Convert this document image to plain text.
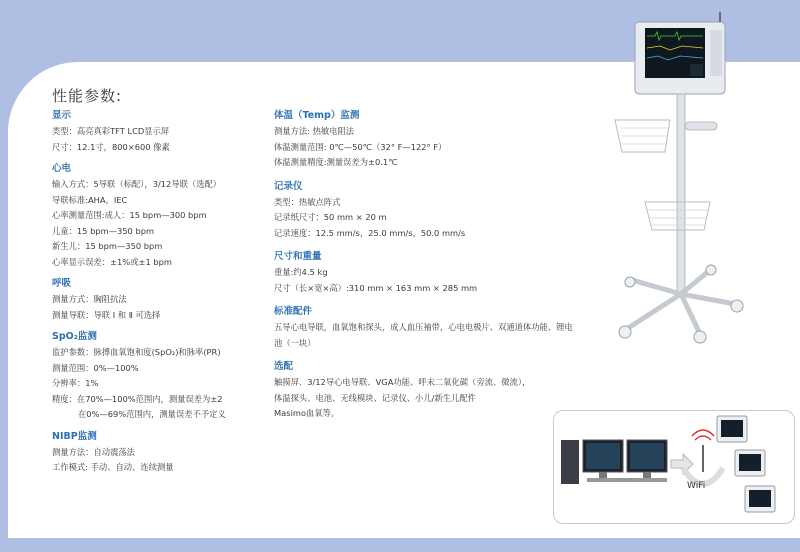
性能参数:
显示
类型：高亮真彩TFT LCD显示屏
尺寸：12.1寸，800×600 像素
心电
输入方式：5导联（标配），3/12导联（选配）
导联标准:AHA，IEC
心率测量范围:成人：15 bpm—300 bpm
儿童：15 bpm—350 bpm
新生儿：15 bpm—350 bpm
心率显示误差：±1%或±1 bpm
呼吸
测量方式：胸阻抗法
测量导联：导联 Ⅰ 和 Ⅱ 可选择
SpO₂监测
监护参数：脉搏血氧饱和度(SpO₂)和脉率(PR)
测量范围：0%—100%
分辨率：1%
精度：在70%—100%范围内，测量误差为±2
在0%—69%范围内，测量误差不予定义
NIBP监测
测量方法：自动震荡法
工作模式: 手动、自动、连续测量
体温（Temp）监测
测量方法: 热敏电阻法
体温测量范围: 0℃—50℃（32° F—122° F）
体温测量精度:测量误差为±0.1℃
记录仪
类型：热敏点阵式
记录纸尺寸：50 mm × 20 m
记录速度：12.5 mm/s，25.0 mm/s，50.0 mm/s
尺寸和重量
重量:约4.5 kg
尺寸（长×宽×高）:310 mm × 163 mm × 285 mm
标准配件
五导心电导联，血氧饱和探头，成人血压袖带，心电电极片、双通道体功能、锂电池（一块）
选配
触摸屏、3/12导心电导联、VGA功能、呼末二氧化碳（旁流、微流），
体温探头、电池、无线模块、记录仪、小儿/新生儿配件
Masimo血氧等。
WiFi
